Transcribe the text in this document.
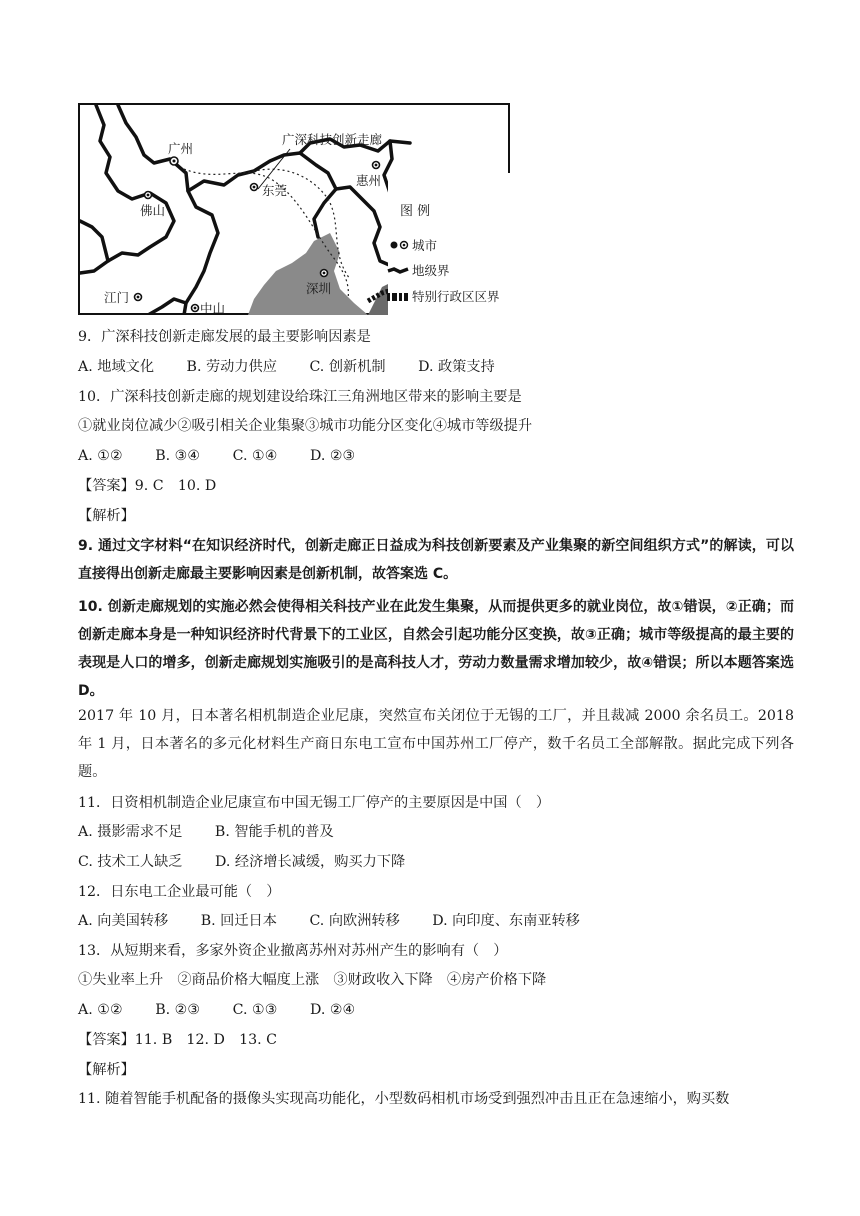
广州
广深科技创新走廊
惠州
佛山
东莞
江门
中山
深圳
图 例
城市
地级界
特别行政区区界
9．广深科技创新走廊发展的最主要影响因素是
A. 地域文化 B. 劳动力供应 C. 创新机制 D. 政策支持
10．广深科技创新走廊的规划建设给珠江三角洲地区带来的影响主要是
①就业岗位减少②吸引相关企业集聚③城市功能分区变化④城市等级提升
A. ①② B. ③④ C. ①④ D. ②③
【答案】9. C　10. D
【解析】
9. 通过文字材料“在知识经济时代，创新走廊正日益成为科技创新要素及产业集聚的新空间组织方式”的解读，可以直接得出创新走廊最主要影响因素是创新机制，故答案选 C。
10. 创新走廊规划的实施必然会使得相关科技产业在此发生集聚，从而提供更多的就业岗位，故①错误，②正确；而创新走廊本身是一种知识经济时代背景下的工业区，自然会引起功能分区变换，故③正确；城市等级提高的最主要的表现是人口的增多，创新走廊规划实施吸引的是高科技人才，劳动力数量需求增加较少，故④错误；所以本题答案选 D。
2017 年 10 月，日本著名相机制造企业尼康，突然宣布关闭位于无锡的工厂，并且裁减 2000 余名员工。2018 年 1 月，日本著名的多元化材料生产商日东电工宣布中国苏州工厂停产，数千名员工全部解散。据此完成下列各题。
11．日资相机制造企业尼康宣布中国无锡工厂停产的主要原因是中国（　）
A. 摄影需求不足 B. 智能手机的普及
C. 技术工人缺乏 D. 经济增长减缓，购买力下降
12．日东电工企业最可能（　）
A. 向美国转移 B. 回迁日本 C. 向欧洲转移 D. 向印度、东南亚转移
13．从短期来看，多家外资企业撤离苏州对苏州产生的影响有（　）
①失业率上升　②商品价格大幅度上涨　③财政收入下降　④房产价格下降
A. ①② B. ②③ C. ①③ D. ②④
【答案】11. B　12. D　13. C
【解析】
11. 随着智能手机配备的摄像头实现高功能化，小型数码相机市场受到强烈冲击且正在急速缩小，购买数
